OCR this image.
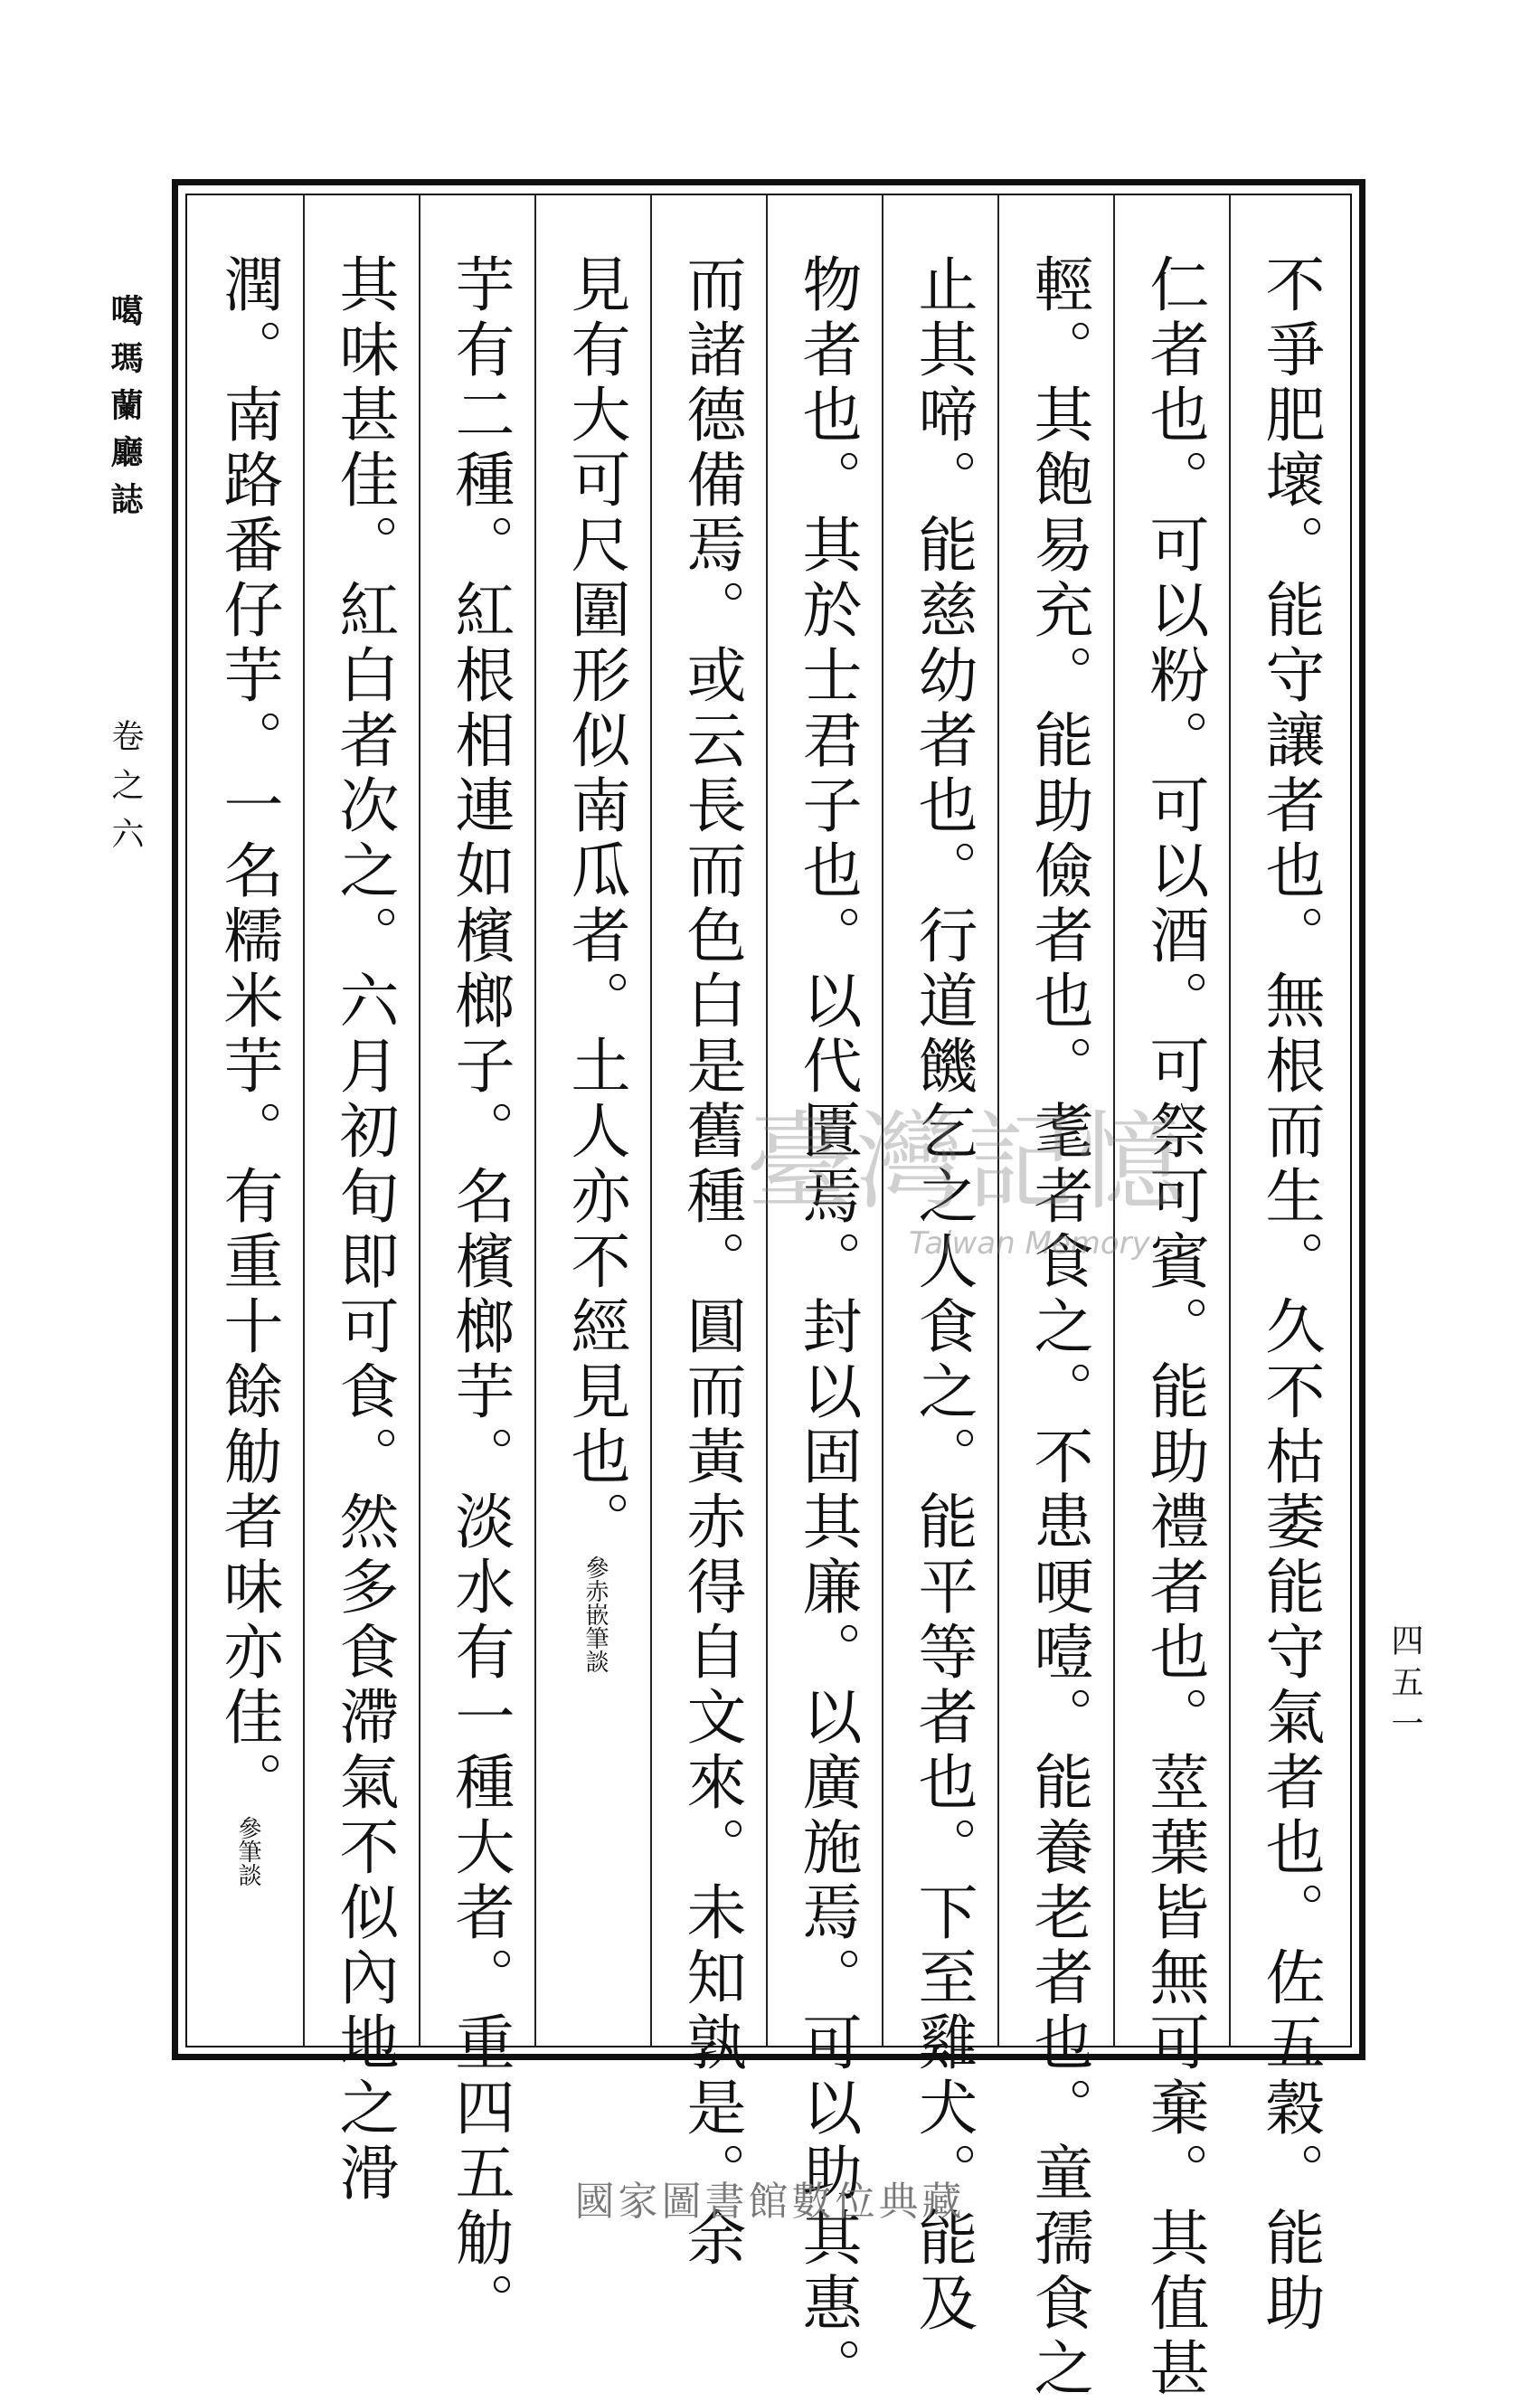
不爭肥壞。能守讓者也。無根而生。久不枯萎能守氣者也。佐五穀。能助
仁者也。可以粉。可以酒。可祭可賓。能助禮者也。莖葉皆無可棄。其值甚
輕。其飽易充。能助儉者也。耄者食之。不患哽噎。能養老者也。童孺食之
止其啼。能慈幼者也。行道饑乞之人食之。能平等者也。下至雞犬。能及
物者也。其於士君子也。以代匱焉。封以固其廉。以廣施焉。可以助其惠。
而諸德備焉。或云長而色白是舊種。圓而黃赤得自文來。未知孰是。余
見有大可尺圍形似南瓜者。土人亦不經見也。參赤嵌筆談
芋有二種。紅根相連如檳榔子。名檳榔芋。淡水有一種大者。重四五觔。
其味甚佳。紅白者次之。六月初旬即可食。然多食滯氣不似內地之滑
潤。南路番仔芋。一名糯米芋。有重十餘觔者味亦佳。參筆談
噶瑪蘭廳誌
卷之六
四五一
臺灣記憶
Taiwan Memory
國家圖書館數位典藏
